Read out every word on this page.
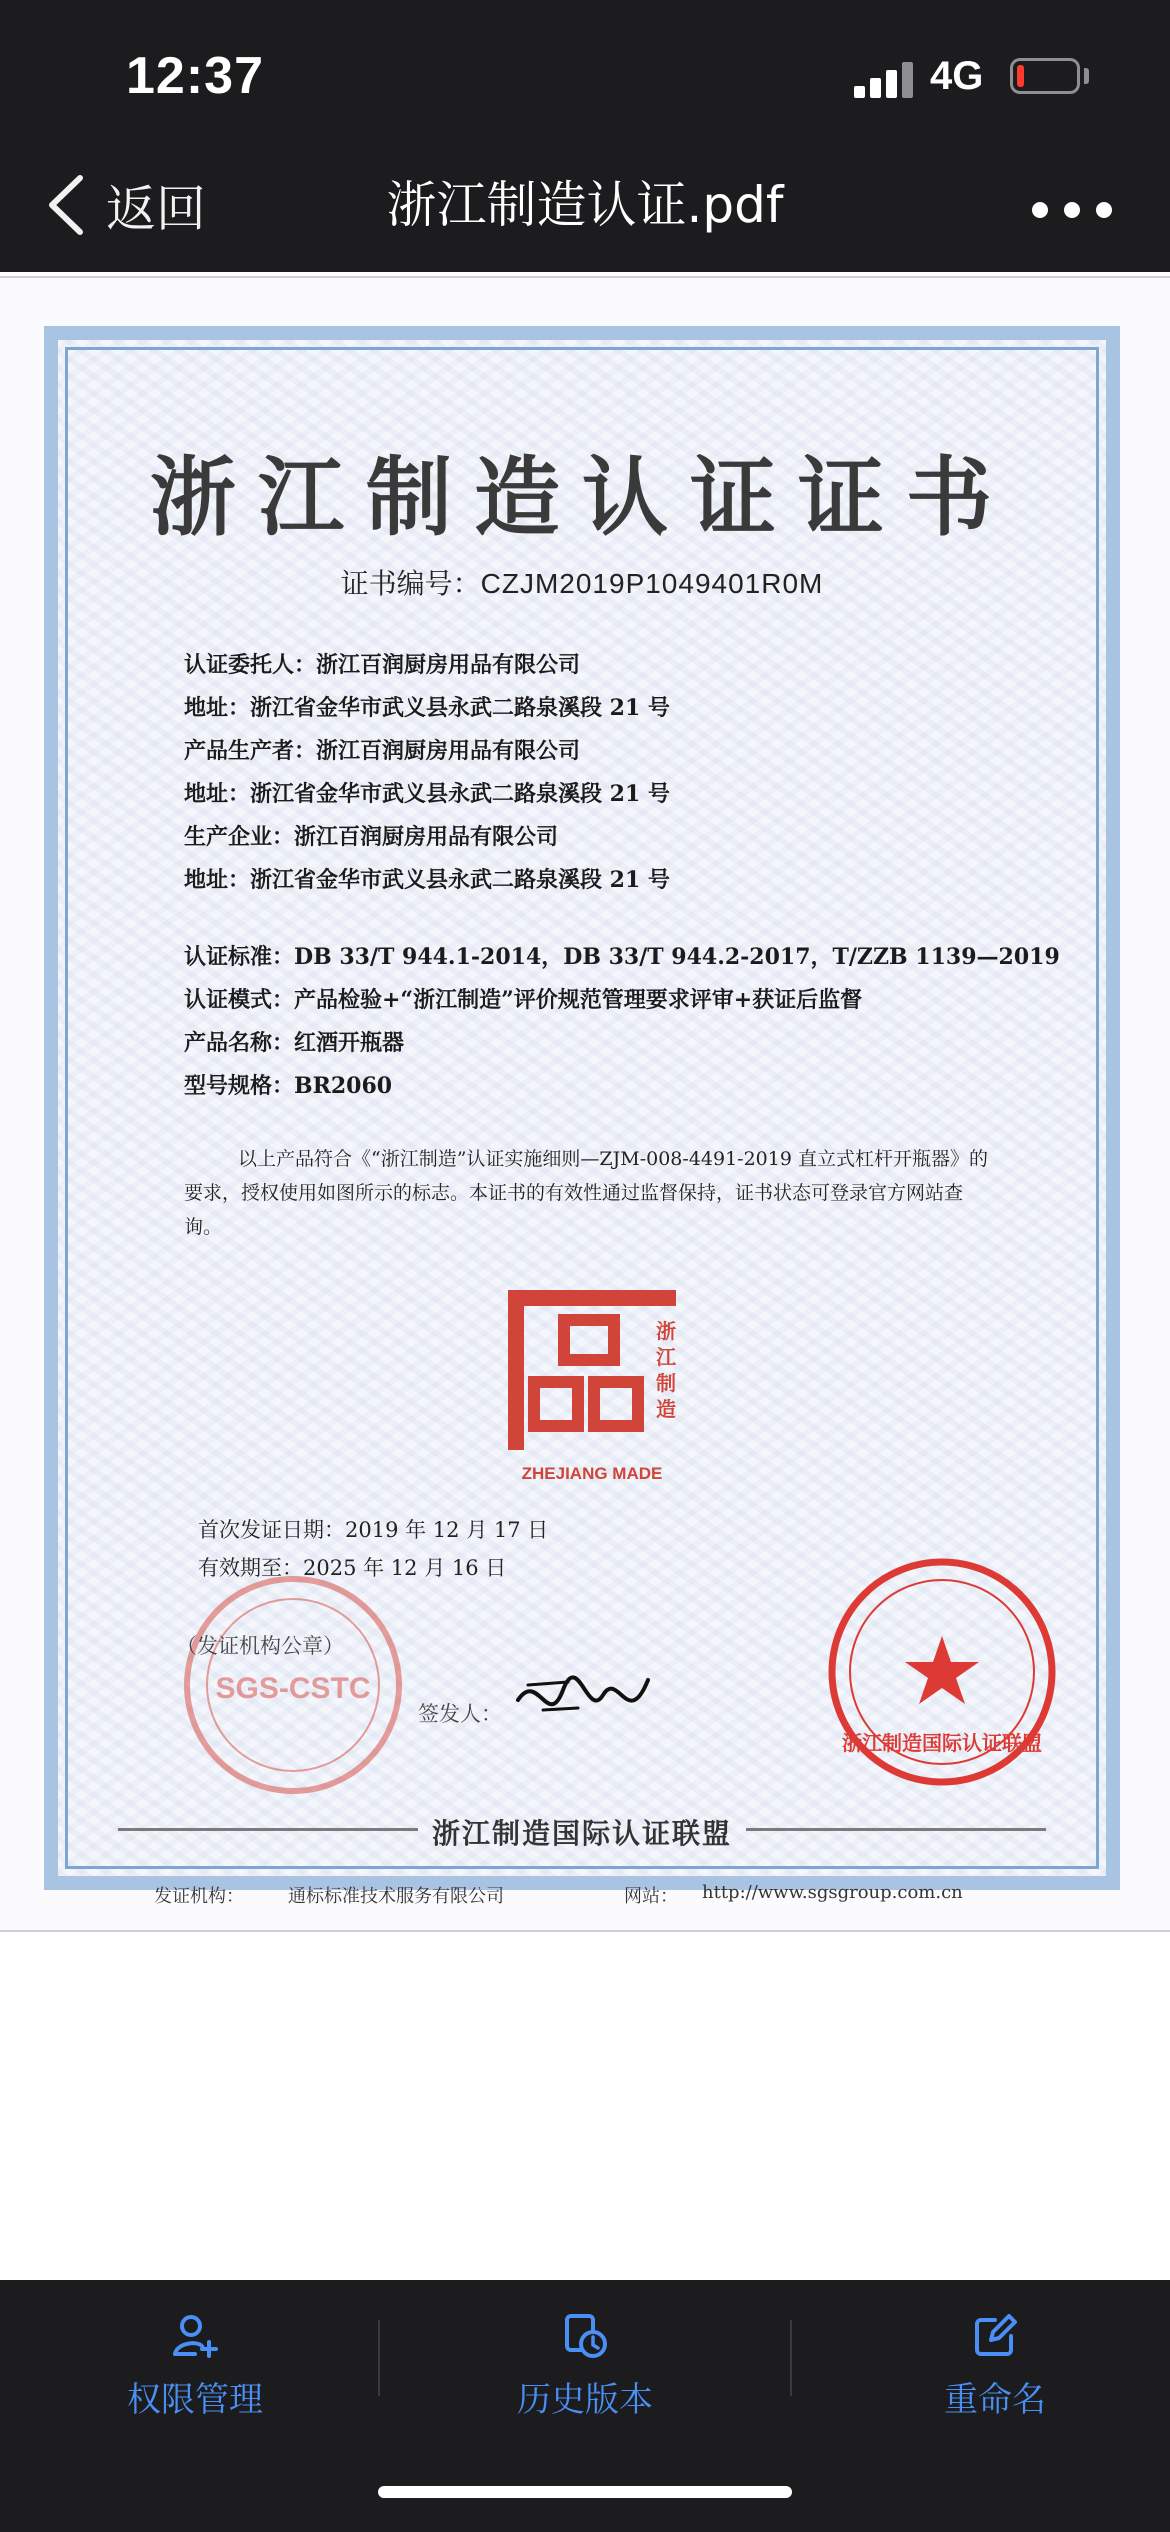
12:37	4G
返回	浙江制造认证.pdf
浙江制造认证证书
证书编号：CZJM2019P1049401R0M
认证委托人：浙江百润厨房用品有限公司
地址：浙江省金华市武义县永武二路泉溪段 21 号
产品生产者：浙江百润厨房用品有限公司
地址：浙江省金华市武义县永武二路泉溪段 21 号
生产企业：浙江百润厨房用品有限公司
地址：浙江省金华市武义县永武二路泉溪段 21 号
认证标准：DB 33/T 944.1-2014，DB 33/T 944.2-2017，T/ZZB 1139—2019
认证模式：产品检验+“浙江制造”评价规范管理要求评审+获证后监督
产品名称：红酒开瓶器
型号规格：BR2060
以上产品符合《“浙江制造”认证实施细则—ZJM-008-4491-2019 直立式杠杆开瓶器》的要求，授权使用如图所示的标志。本证书的有效性通过监督保持，证书状态可登录官方网站查询。
浙
江
制
造
ZHEJIANG MADE
首次发证日期：2019 年 12 月 17 日
有效期至：2025 年 12 月 16 日
SGS-CSTC
（发证机构公章）
签发人：
浙江制造国际认证联盟
浙江制造国际认证联盟
发证机构： 通标标准技术服务有限公司	网站： http://www.sgsgroup.com.cn
权限管理	历史版本	重命名
